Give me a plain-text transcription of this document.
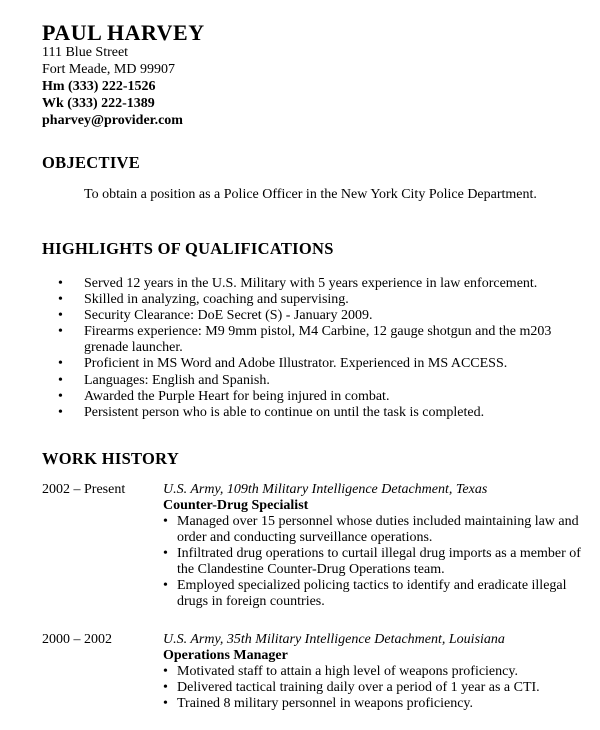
PAUL HARVEY
111 Blue Street
Fort Meade, MD 99907
Hm (333) 222-1526
Wk (333) 222-1389
pharvey@provider.com
OBJECTIVE
To obtain a position as a Police Officer in the New York City Police Department.
HIGHLIGHTS OF QUALIFICATIONS
•	Served 12 years in the U.S. Military with 5 years experience in law enforcement.
•	Skilled in analyzing, coaching and supervising.
•	Security Clearance: DoE Secret (S) - January 2009.
•	Firearms experience: M9 9mm pistol, M4 Carbine, 12 gauge shotgun and the m203 grenade launcher.
•	Proficient in MS Word and Adobe Illustrator. Experienced in MS ACCESS.
•	Languages: English and Spanish.
•	Awarded the Purple Heart for being injured in combat.
•	Persistent person who is able to continue on until the task is completed.
WORK HISTORY
2002 – Present	U.S. Army, 109th Military Intelligence Detachment, Texas
Counter-Drug Specialist
• Managed over 15 personnel whose duties included maintaining law and order and conducting surveillance operations.
• Infiltrated drug operations to curtail illegal drug imports as a member of the Clandestine Counter-Drug Operations team.
• Employed specialized policing tactics to identify and eradicate illegal drugs in foreign countries.
2000 – 2002	U.S. Army, 35th Military Intelligence Detachment, Louisiana
Operations Manager
• Motivated staff to attain a high level of weapons proficiency.
• Delivered tactical training daily over a period of 1 year as a CTI.
• Trained 8 military personnel in weapons proficiency.
